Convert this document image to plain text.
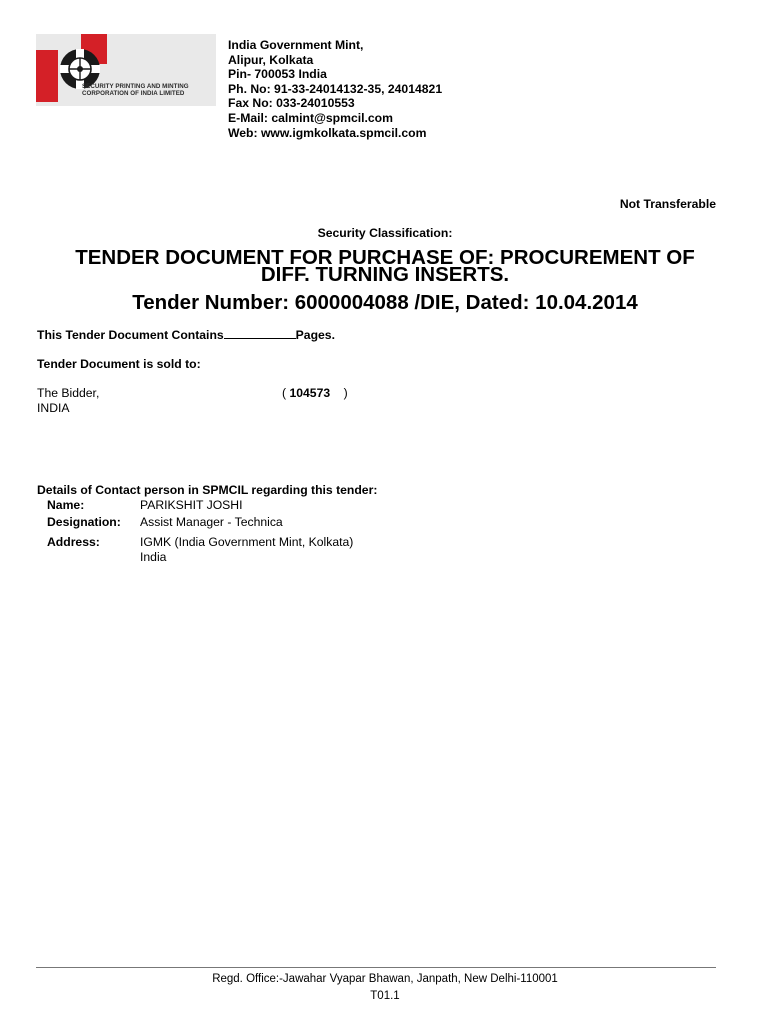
SECURITY PRINTING AND MINTING
CORPORATION OF INDIA LIMITED
India Government Mint,
Alipur, Kolkata
Pin- 700053 India
Ph. No: 91-33-24014132-35, 24014821
Fax No: 033-24010553
E-Mail: calmint@spmcil.com
Web: www.igmkolkata.spmcil.com
Not Transferable
Security Classification:
TENDER DOCUMENT FOR PURCHASE OF: PROCUREMENT OF
DIFF. TURNING INSERTS.
Tender Number: 6000004088 /DIE, Dated: 10.04.2014
This Tender Document Contains	Pages.
Tender Document is sold to:
The Bidder,
INDIA
( 104573    )
Details of Contact person in SPMCIL regarding this tender:
Name:	PARIKSHIT JOSHI
Designation: Assist Manager - Technica
Address:	IGMK (India Government Mint, Kolkata)
India
Regd. Office:-Jawahar Vyapar Bhawan, Janpath, New Delhi-110001
T01.1
